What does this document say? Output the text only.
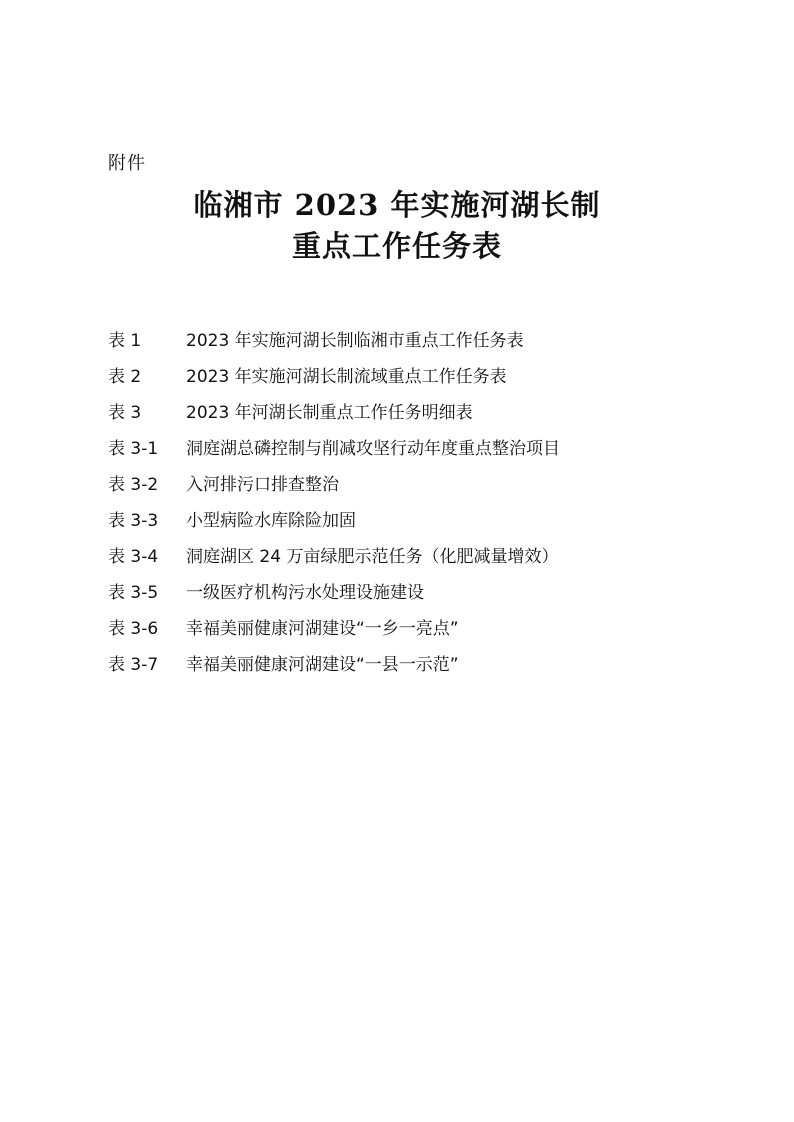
附件
临湘市 2023 年实施河湖长制
重点工作任务表
表 1	2023 年实施河湖长制临湘市重点工作任务表
表 2	2023 年实施河湖长制流域重点工作任务表
表 3	2023 年河湖长制重点工作任务明细表
表 3-1	洞庭湖总磷控制与削减攻坚行动年度重点整治项目
表 3-2	入河排污口排查整治
表 3-3	小型病险水库除险加固
表 3-4	洞庭湖区 24 万亩绿肥示范任务（化肥减量增效）
表 3-5	一级医疗机构污水处理设施建设
表 3-6	幸福美丽健康河湖建设“一乡一亮点”
表 3-7	幸福美丽健康河湖建设“一县一示范”
